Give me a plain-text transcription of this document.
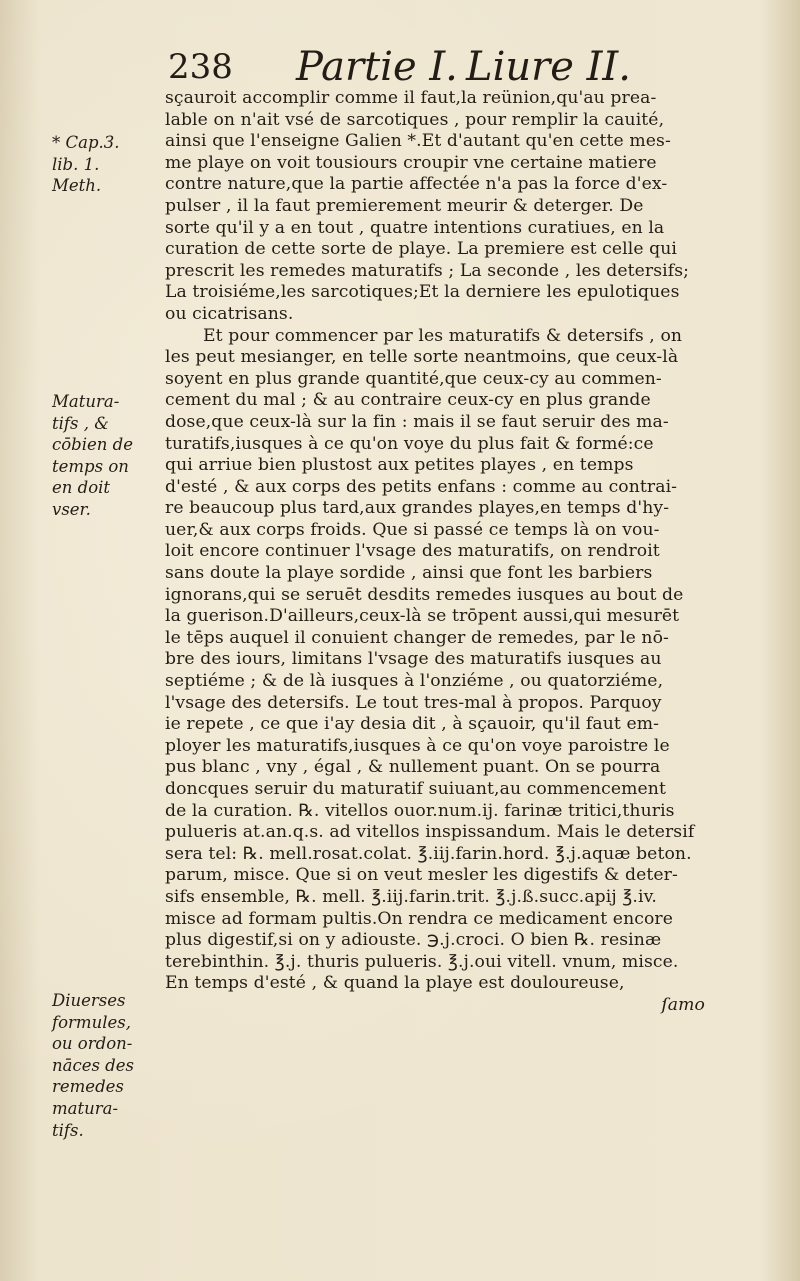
238 Partie I. Liure II.
* Cap.3.
lib. 1.
Meth.
Matura-
tifs , &
cōbien de
temps on
en doit
vser.
Diuerses
formules,
ou ordon-
nāces des
remedes
matura-
tifs.
sçauroit accomplir comme il faut,la reünion,qu'au prea-
lable on n'ait vsé de sarcotiques , pour remplir la cauité,
ainsi que l'enseigne Galien *.Et d'autant qu'en cette mes-
me playe on voit tousiours croupir vne certaine matiere
contre nature,que la partie affectée n'a pas la force d'ex-
pulser , il la faut premierement meurir & deterger. De
sorte qu'il y a en tout , quatre intentions curatiues, en la
curation de cette sorte de playe. La premiere est celle qui
prescrit les remedes maturatifs ; La seconde , les detersifs;
La troisiéme,les sarcotiques;Et la derniere les epulotiques
ou cicatrisans.
Et pour commencer par les maturatifs & detersifs , on
les peut mesianger, en telle sorte neantmoins, que ceux-là
soyent en plus grande quantité,que ceux-cy au commen-
cement du mal ; & au contraire ceux-cy en plus grande
dose,que ceux-là sur la fin : mais il se faut seruir des ma-
turatifs,iusques à ce qu'on voye du plus fait & formé:ce
qui arriue bien plustost aux petites playes , en temps
d'esté , & aux corps des petits enfans : comme au contrai-
re beaucoup plus tard,aux grandes playes,en temps d'hy-
uer,& aux corps froids. Que si passé ce temps là on vou-
loit encore continuer l'vsage des maturatifs, on rendroit
sans doute la playe sordide , ainsi que font les barbiers
ignorans,qui se seruēt desdits remedes iusques au bout de
la guerison.D'ailleurs,ceux-là se trōpent aussi,qui mesurēt
le tēps auquel il conuient changer de remedes, par le nō-
bre des iours, limitans l'vsage des maturatifs iusques au
septiéme ; & de là iusques à l'onziéme , ou quatorziéme,
l'vsage des detersifs. Le tout tres-mal à propos. Parquoy
ie repete , ce que i'ay desia dit , à sçauoir, qu'il faut em-
ployer les maturatifs,iusques à ce qu'on voye paroistre le
pus blanc , vny , égal , & nullement puant. On se pourra
doncques seruir du maturatif suiuant,au commencement
de la curation. ℞. vitellos ouor.num.ij. farinæ tritici,thuris
pulueris at.an.q.s. ad vitellos inspissandum. Mais le detersif
sera tel: ℞. mell.rosat.colat. ℥.iij.farin.hord. ℥.j.aquæ beton.
parum, misce. Que si on veut mesler les digestifs & deter-
sifs ensemble, ℞. mell. ℥.iij.farin.trit. ℥.j.ß.succ.apij ℥.iv.
misce ad formam pultis.On rendra ce medicament encore
plus digestif,si on y adiouste. ℈.j.croci. O bien ℞. resinæ
terebinthin. ℥.j. thuris pulueris. ℥.j.oui vitell. vnum, misce.
En temps d'esté , & quand la playe est douloureuse,
ſamo
